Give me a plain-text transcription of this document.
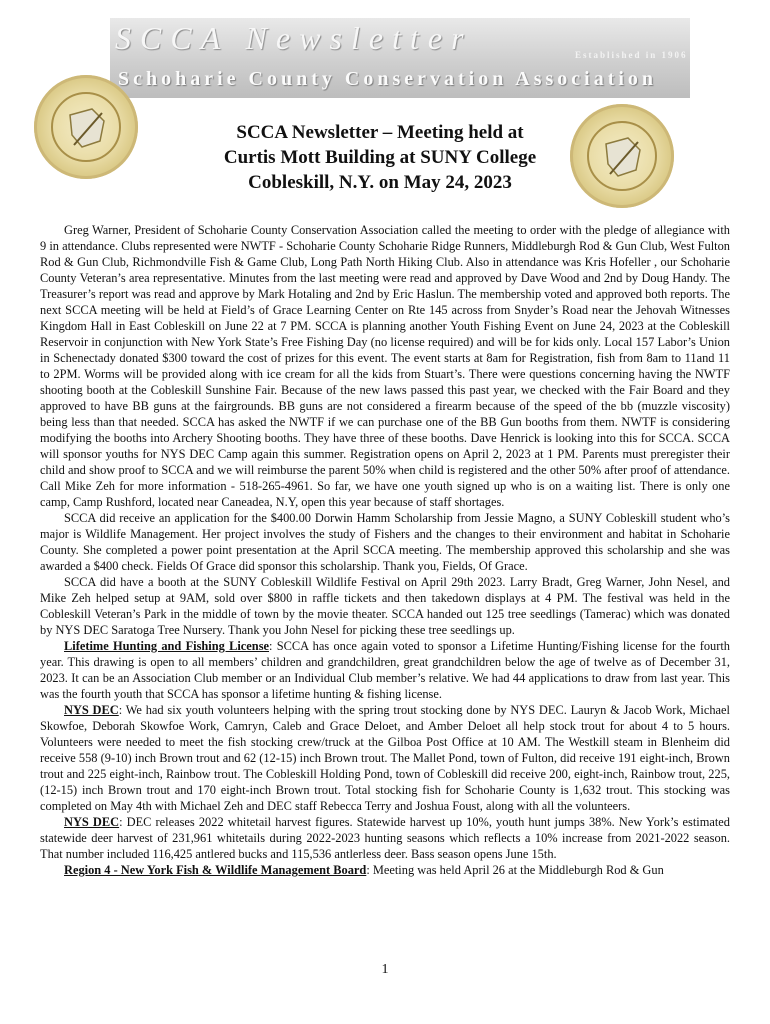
SCCA Newsletter	Established in 1906
Schoharie County Conservation Association
SCCA Newsletter – Meeting held at
Curtis Mott Building at SUNY College
Cobleskill, N.Y. on May 24, 2023

Greg Warner, President of Schoharie County Conservation Association called the meeting to order with the pledge of allegiance with 9 in attendance. Clubs represented were NWTF - Schoharie County Schoharie Ridge Runners, Middleburgh Rod & Gun Club, West Fulton Rod & Gun Club, Richmondville Fish & Game Club, Long Path North Hiking Club. Also in attendance was Kris Hofeller , our Schoharie County Veteran’s area representative. Minutes from the last meeting were read and approved by Dave Wood and 2nd by Doug Handy. The Treasurer’s report was read and approve by Mark Hotaling and 2nd by Eric Haslun. The membership voted and approved both reports. The next SCCA meeting will be held at Field’s of Grace Learning Center on Rte 145 across from Snyder’s Road near the Jehovah Witnesses Kingdom Hall in East Cobleskill on June 22 at 7 PM. SCCA is planning another Youth Fishing Event on June 24, 2023 at the Cobleskill Reservoir in conjunction with New York State’s Free Fishing Day (no license required) and will be for kids only. Local 157 Labor’s Union in Schenectady donated $300 toward the cost of prizes for this event. The event starts at 8am for Registration, fish from 8am to 11and 11 to 2PM. Worms will be provided along with ice cream for all the kids from Stuart’s. There were questions concerning having the NWTF shooting booth at the Cobleskill Sunshine Fair. Because of the new laws passed this past year, we checked with the Fair Board and they approved to have BB guns at the fairgrounds. BB guns are not considered a firearm because of the speed of the bb (muzzle viscosity) being less than that needed. SCCA has asked the NWTF if we can purchase one of the BB Gun booths from them. NWTF is considering modifying the booths into Archery Shooting booths. They have three of these booths. Dave Henrick is looking into this for SCCA. SCCA will sponsor youths for NYS DEC Camp again this summer. Registration opens on April 2, 2023 at 1 PM. Parents must preregister their child and show proof to SCCA and we will reimburse the parent 50% when child is registered and the other 50% after proof of attendance. Call Mike Zeh for more information - 518-265-4961. So far, we have one youth signed up who is on a waiting list. There is only one camp, Camp Rushford, located near Caneadea, N.Y, open this year because of staff shortages.

SCCA did receive an application for the $400.00 Dorwin Hamm Scholarship from Jessie Magno, a SUNY Cobleskill student who’s major is Wildlife Management. Her project involves the study of Fishers and the changes to their environment and habitat in Schoharie County. She completed a power point presentation at the April SCCA meeting. The membership approved this scholarship and she was awarded a $400 check. Fields Of Grace did sponsor this scholarship. Thank you, Fields, Of Grace.

SCCA did have a booth at the SUNY Cobleskill Wildlife Festival on April 29th 2023. Larry Bradt, Greg Warner, John Nesel, and Mike Zeh helped setup at 9AM, sold over $800 in raffle tickets and then takedown displays at 4 PM. The festival was held in the Cobleskill Veteran’s Park in the middle of town by the movie theater. SCCA handed out 125 tree seedlings (Tamerac) which was donated by NYS DEC Saratoga Tree Nursery. Thank you John Nesel for picking these tree seedlings up.

Lifetime Hunting and Fishing License: SCCA has once again voted to sponsor a Lifetime Hunting/Fishing license for the fourth year. This drawing is open to all members’ children and grandchildren, great grandchildren below the age of twelve as of December 31, 2023. It can be an Association Club member or an Individual Club member’s relative. We had 44 applications to draw from last year. This was the fourth youth that SCCA has sponsor a lifetime hunting & fishing license.

NYS DEC: We had six youth volunteers helping with the spring trout stocking done by NYS DEC. Lauryn & Jacob Work, Michael Skowfoe, Deborah Skowfoe Work, Camryn, Caleb and Grace Deloet, and Amber Deloet all help stock trout for about 4 to 5 hours. Volunteers were needed to meet the fish stocking crew/truck at the Gilboa Post Office at 10 AM. The Westkill steam in Blenheim did receive 558 (9-10) inch Brown trout and 62 (12-15) inch Brown trout. The Mallet Pond, town of Fulton, did receive 191 eight-inch, Brown trout and 225 eight-inch, Rainbow trout. The Cobleskill Holding Pond, town of Cobleskill did receive 200, eight-inch, Rainbow trout, 225, (12-15) inch Brown trout and 170 eight-inch Brown trout. Total stocking fish for Schoharie County is 1,632 trout. This stocking was completed on May 4th with Michael Zeh and DEC staff Rebecca Terry and Joshua Foust, along with all the volunteers.

NYS DEC: DEC releases 2022 whitetail harvest figures. Statewide harvest up 10%, youth hunt jumps 38%. New York’s estimated statewide deer harvest of 231,961 whitetails during 2022-2023 hunting seasons which reflects a 10% increase from 2021-2022 season. That number included 116,425 antlered bucks and 115,536 antlerless deer. Bass season opens June 15th.

Region 4 - New York Fish & Wildlife Management Board: Meeting was held April 26 at the Middleburgh Rod & Gun

1
